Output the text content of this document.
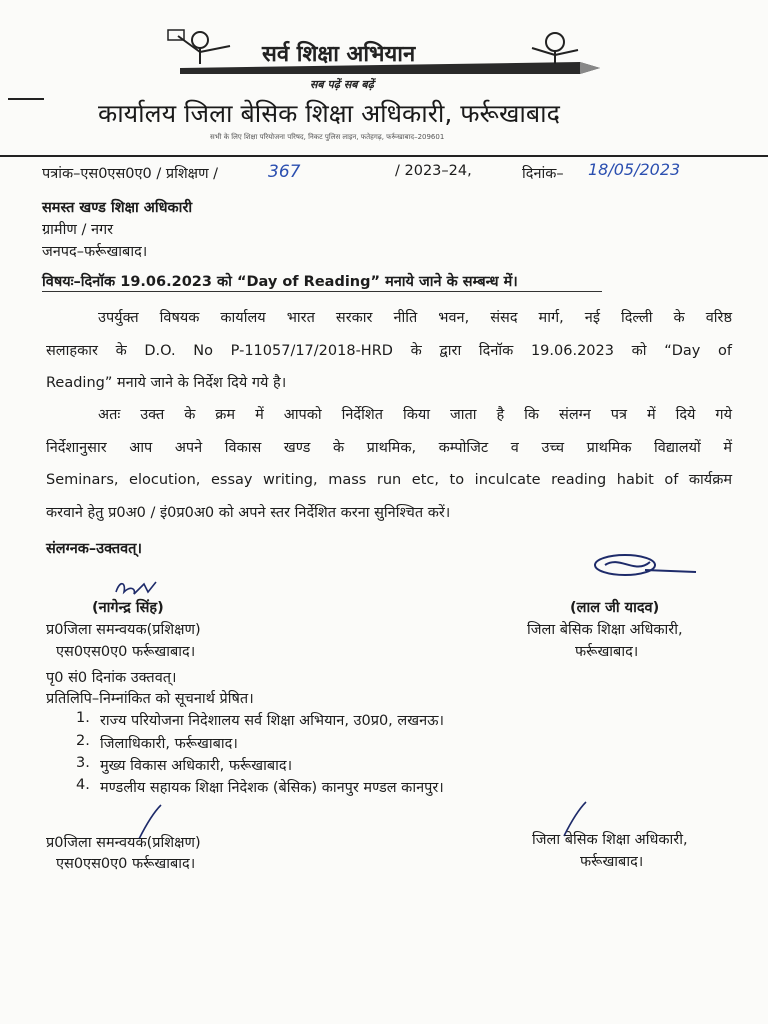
सर्व शिक्षा अभियान
सब पढ़ें सब बढ़ें
कार्यालय जिला बेसिक शिक्षा अधिकारी, फर्रूखाबाद
सभी के लिए शिक्षा परियोजना परिषद, निकट पुलिस लाइन, फतेहगढ़, फर्रूखाबाद–209601
पत्रांक–एस0एस0ए0 / प्रशिक्षण /	367	/ 2023–24,	दिनांक– 18/05/2023
समस्त खण्ड शिक्षा अधिकारी
ग्रामीण / नगर
जनपद–फर्रूखाबाद।
विषयः–दिनॉक 19.06.2023 को “Day of Reading” मनाये जाने के सम्बन्ध में।
उपर्युक्त विषयक कार्यालय भारत सरकार नीति भवन, संसद मार्ग, नई दिल्ली के वरिष्ठ
सलाहकार के D.O. No P-11057/17/2018-HRD के द्वारा दिनॉक 19.06.2023 को “Day of
Reading” मनाये जाने के निर्देश दिये गये है।
अतः उक्त के क्रम में आपको निर्देशित किया जाता है कि संलग्न पत्र में दिये गये
निर्देशानुसार आप अपने विकास खण्ड के प्राथमिक, कम्पोजिट व उच्च प्राथमिक विद्यालयों में
Seminars, elocution, essay writing, mass run etc, to inculcate reading habit of कार्यक्रम
करवाने हेतु प्र0अ0 / इं0प्र0अ0 को अपने स्तर निर्देशित करना सुनिश्चित करें।
संलग्नक–उक्तवत्।
(नागेन्द्र सिंह)
प्र0जिला समन्वयक(प्रशिक्षण)
एस0एस0ए0 फर्रूखाबाद।
(लाल जी यादव)
जिला बेसिक शिक्षा अधिकारी,
फर्रूखाबाद।
पृ0 सं0 दिनांक उक्तवत्।
प्रतिलिपि–निम्नांकित को सूचनार्थ प्रेषित।
1. राज्य परियोजना निदेशालय सर्व शिक्षा अभियान, उ0प्र0, लखनऊ।
2. जिलाधिकारी, फर्रूखाबाद।
3. मुख्य विकास अधिकारी, फर्रूखाबाद।
4. मण्डलीय सहायक शिक्षा निदेशक (बेसिक) कानपुर मण्डल कानपुर।
प्र0जिला समन्वयक(प्रशिक्षण)
एस0एस0ए0 फर्रूखाबाद।
जिला बेसिक शिक्षा अधिकारी,
फर्रूखाबाद।
